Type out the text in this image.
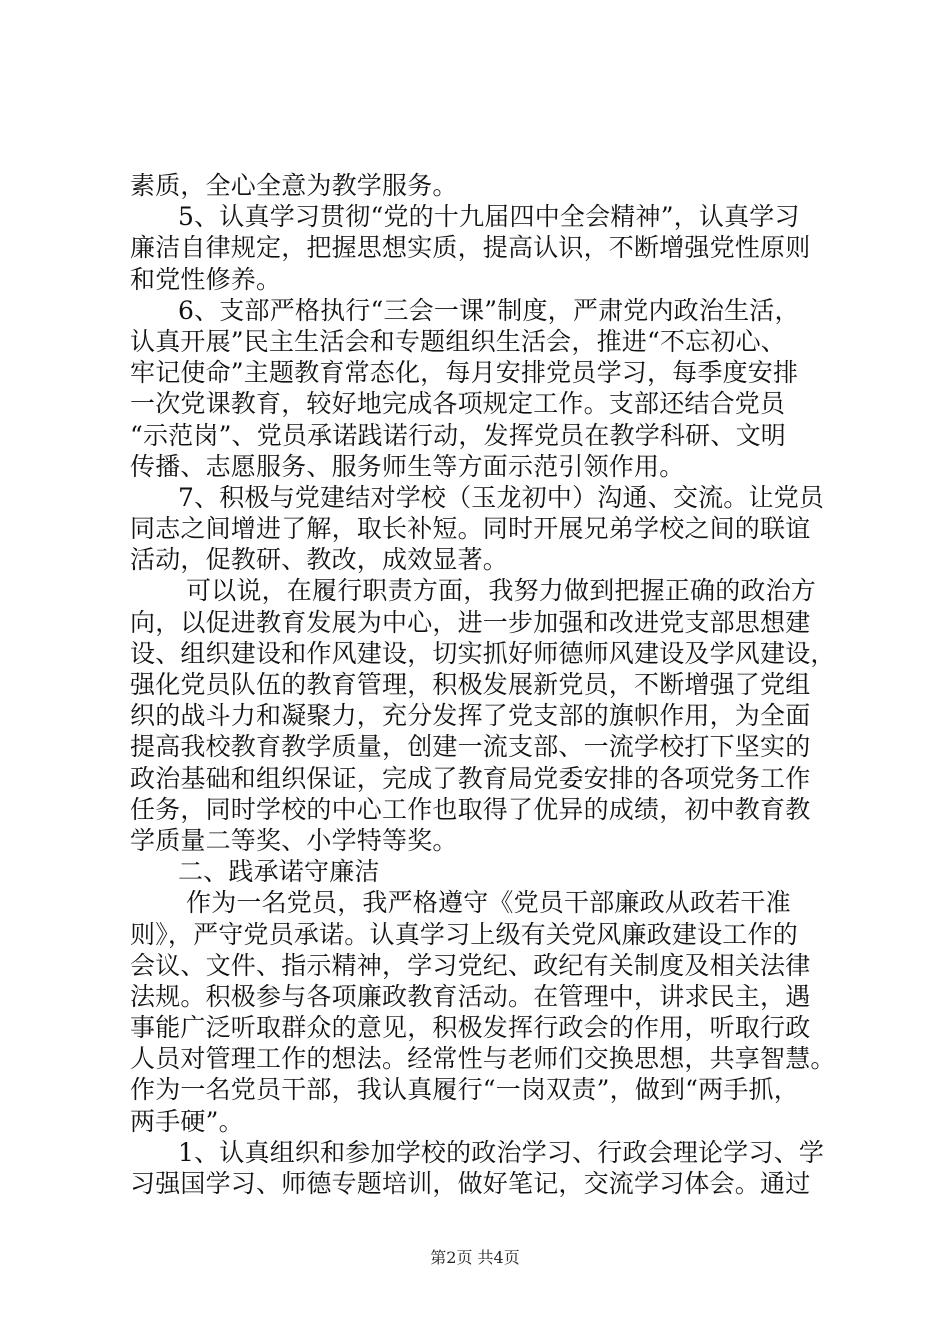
素质，全心全意为教学服务。
5、认真学习贯彻“党的十九届四中全会精神”，认真学习
廉洁自律规定，把握思想实质，提高认识，不断增强党性原则
和党性修养。
6、支部严格执行“三会一课”制度，严肃党内政治生活，
认真开展”民主生活会和专题组织生活会，推进“不忘初心、
牢记使命”主题教育常态化，每月安排党员学习，每季度安排
一次党课教育，较好地完成各项规定工作。支部还结合党员
“示范岗”、党员承诺践诺行动，发挥党员在教学科研、文明
传播、志愿服务、服务师生等方面示范引领作用。
7、积极与党建结对学校（玉龙初中）沟通、交流。让党员
同志之间增进了解，取长补短。同时开展兄弟学校之间的联谊
活动，促教研、教改，成效显著。
可以说，在履行职责方面，我努力做到把握正确的政治方
向，以促进教育发展为中心，进一步加强和改进党支部思想建
设、组织建设和作风建设，切实抓好师德师风建设及学风建设，
强化党员队伍的教育管理，积极发展新党员，不断增强了党组
织的战斗力和凝聚力，充分发挥了党支部的旗帜作用，为全面
提高我校教育教学质量，创建一流支部、一流学校打下坚实的
政治基础和组织保证，完成了教育局党委安排的各项党务工作
任务，同时学校的中心工作也取得了优异的成绩，初中教育教
学质量二等奖、小学特等奖。
二、践承诺守廉洁
作为一名党员，我严格遵守《党员干部廉政从政若干准
则》，严守党员承诺。认真学习上级有关党风廉政建设工作的
会议、文件、指示精神，学习党纪、政纪有关制度及相关法律
法规。积极参与各项廉政教育活动。在管理中，讲求民主，遇
事能广泛听取群众的意见，积极发挥行政会的作用，听取行政
人员对管理工作的想法。经常性与老师们交换思想，共享智慧。
作为一名党员干部，我认真履行“一岗双责”，做到“两手抓，
两手硬”。
1、认真组织和参加学校的政治学习、行政会理论学习、学
习强国学习、师德专题培训，做好笔记，交流学习体会。通过
第2页 共4页
